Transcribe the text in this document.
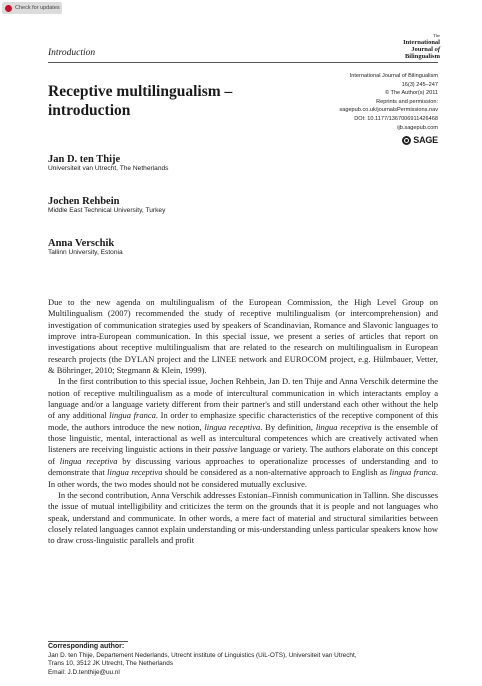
Check for updates
Introduction
The
International
Journal of
Bilingualism
International Journal of Bilingualism
16(3) 245–247
© The Author(s) 2011
Reprints and permission:
sagepub.co.uk/journalsPermissions.nav
DOI: 10.1177/1367006911426468
ijb.sagepub.com
SAGE
Receptive multilingualism –
introduction
Jan D. ten Thije
Universiteit van Utrecht, The Netherlands
Jochen Rehbein
Middle East Technical University, Turkey
Anna Verschik
Tallinn University, Estonia

Due to the new agenda on multilingualism of the European Commission, the High Level Group on Multilingualism (2007) recommended the study of receptive multilingualism (or intercomprehension) and investigation of communication strategies used by speakers of Scandinavian, Romance and Slavonic languages to improve intra-European communication. In this special issue, we present a series of articles that report on investigations about receptive multilingualism that are related to the research on multilingualism in European research projects (the DYLAN project and the LINEE network and EUROCOM project, e.g. Hülmbauer, Vetter, & Böhringer, 2010; Stegmann & Klein, 1999).

In the first contribution to this special issue, Jochen Rehbein, Jan D. ten Thije and Anna Verschik determine the notion of receptive multilingualism as a mode of intercultural communication in which interactants employ a language and/or a language variety different from their partner's and still understand each other without the help of any additional lingua franca. In order to emphasize specific characteristics of the receptive component of this mode, the authors introduce the new notion, lingua receptiva. By definition, lingua receptiva is the ensemble of those linguistic, mental, interactional as well as intercultural competences which are creatively activated when listeners are receiving linguistic actions in their passive language or variety. The authors elaborate on this concept of lingua receptiva by discussing various approaches to operationalize processes of understanding and to demonstrate that lingua receptiva should be considered as a non-alternative approach to English as lingua franca. In other words, the two modes should not be considered mutually exclusive.

In the second contribution, Anna Verschik addresses Estonian–Finnish communication in Tallinn. She discusses the issue of mutual intelligibility and criticizes the term on the grounds that it is people and not languages who speak, understand and communicate. In other words, a mere fact of material and structural similarities between closely related languages cannot explain understanding or mis-understanding unless particular speakers know how to draw cross-linguistic parallels and profit

Corresponding author:
Jan D. ten Thije, Departement Nederlands, Utrecht institute of Linguistics (UiL-OTS), Universiteit van Utrecht,
Trans 10, 3512 JK Utrecht, The Netherlands
Email: J.D.tenthije@uu.nl
